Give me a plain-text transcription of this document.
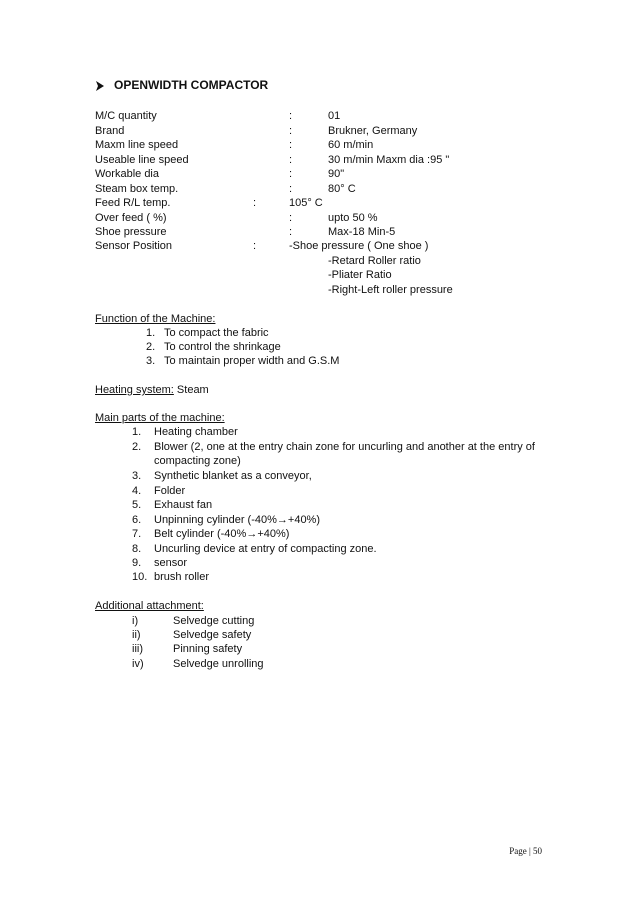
OPENWIDTH COMPACTOR
M/C quantity	:	01
Brand	:	Brukner, Germany
Maxm line speed	:	60 m/min
Useable line speed	:	30 m/min Maxm dia :95 "
Workable dia	:	90"
Steam box temp.	:	80° C
Feed R/L temp.	:	105° C
Over feed ( %)	:	upto 50 %
Shoe pressure	:	Max-18 Min-5
Sensor Position	:	-Shoe pressure ( One shoe )
-Retard Roller ratio
-Pliater Ratio
-Right-Left roller pressure
Function of the Machine:
1. To compact the fabric
2. To control the shrinkage
3. To maintain proper width and G.S.M
Heating system: Steam
Main parts of the machine:
1. Heating chamber
2. Blower (2, one at the entry chain zone for uncurling and another at the entry of
compacting zone)
3. Synthetic blanket as a conveyor,
4. Folder
5. Exhaust fan
6. Unpinning cylinder (-40%→+40%)
7. Belt cylinder (-40%→+40%)
8. Uncurling device at entry of compacting zone.
9. sensor
10. brush roller
Additional attachment:
i)	Selvedge cutting
ii)	Selvedge safety
iii)	Pinning safety
iv)	Selvedge unrolling
Page | 50
